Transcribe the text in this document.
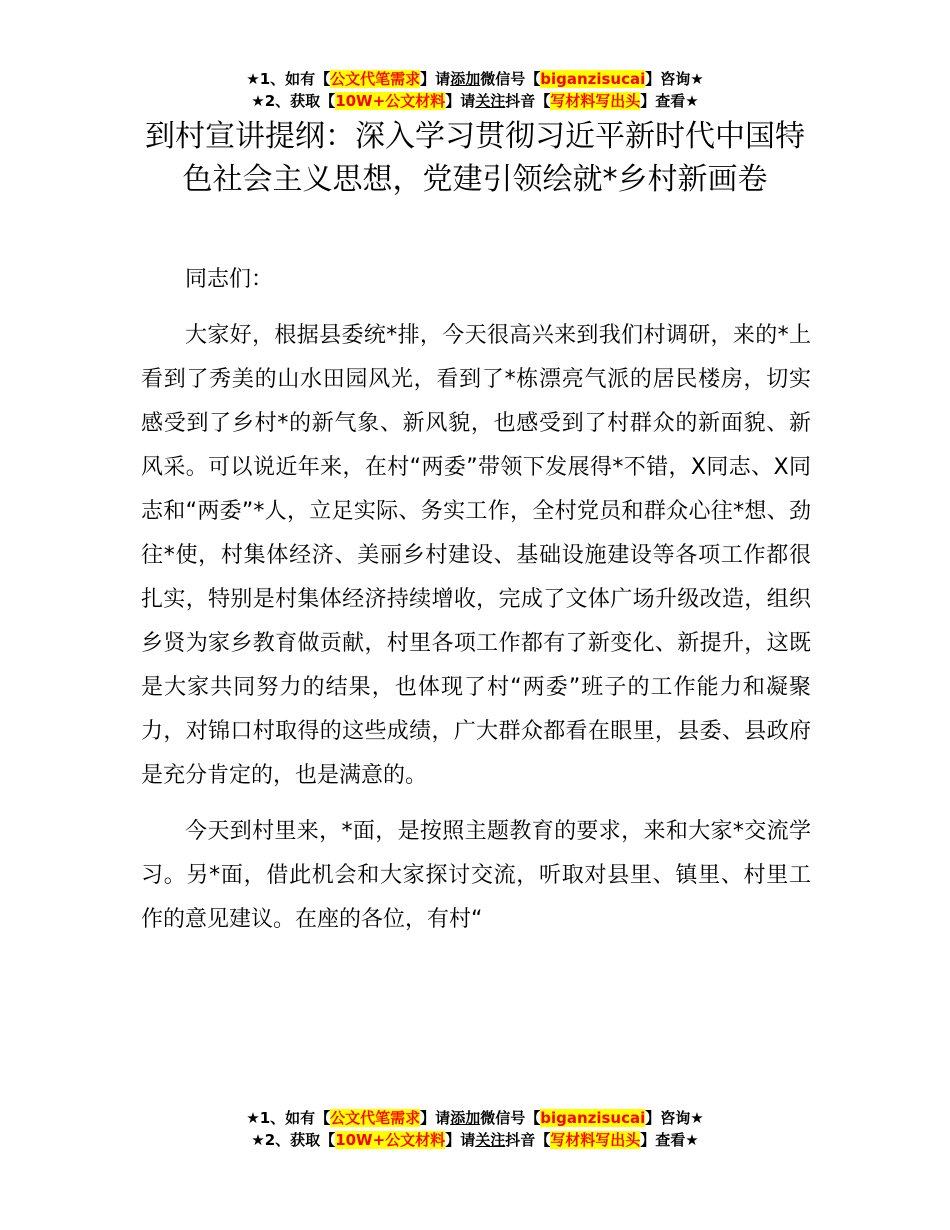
★1、如有【公文代笔需求】请添加微信号【biganzisucai】咨询★
★2、获取【10W+公文材料】请关注抖音【写材料写出头】查看★
到村宣讲提纲：深入学习贯彻习近平新时代中国特色社会主义思想，党建引领绘就*乡村新画卷

同志们：

大家好，根据县委统*排，今天很高兴来到我们村调研，来的*上看到了秀美的山水田园风光，看到了*栋漂亮气派的居民楼房，切实感受到了乡村*的新气象、新风貌，也感受到了村群众的新面貌、新风采。可以说近年来，在村“两委”带领下发展得*不错，X同志、X同志和“两委”*人，立足实际、务实工作，全村党员和群众心往*想、劲往*使，村集体经济、美丽乡村建设、基础设施建设等各项工作都很扎实，特别是村集体经济持续增收，完成了文体广场升级改造，组织乡贤为家乡教育做贡献，村里各项工作都有了新变化、新提升，这既是大家共同努力的结果，也体现了村“两委”班子的工作能力和凝聚力，对锦口村取得的这些成绩，广大群众都看在眼里，县委、县政府是充分肯定的，也是满意的。

今天到村里来，*面，是按照主题教育的要求，来和大家*交流学习。另*面，借此机会和大家探讨交流，听取对县里、镇里、村里工作的意见建议。在座的各位，有村“

★1、如有【公文代笔需求】请添加微信号【biganzisucai】咨询★
★2、获取【10W+公文材料】请关注抖音【写材料写出头】查看★
